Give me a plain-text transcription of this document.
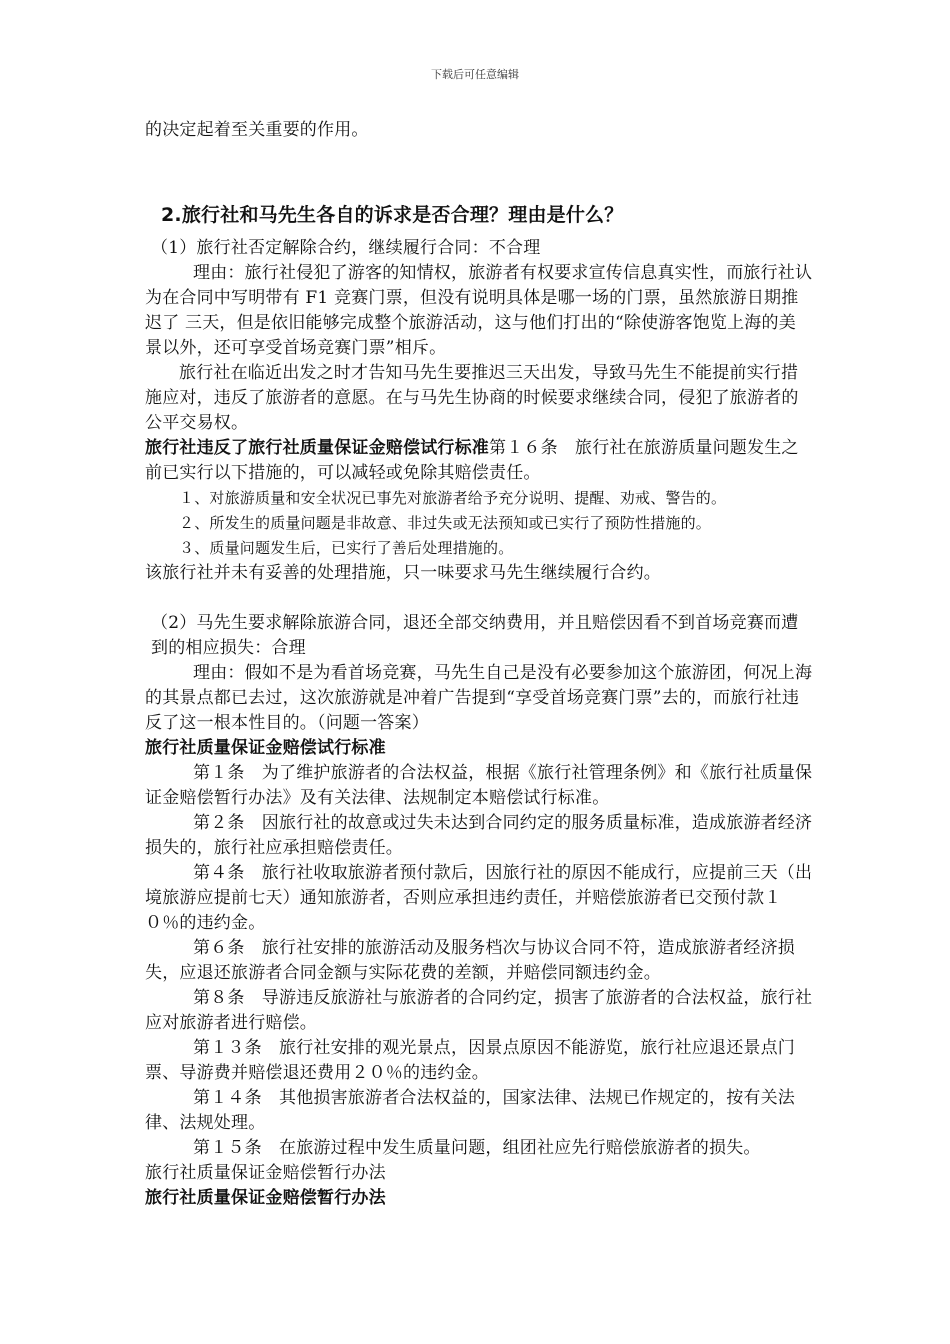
下载后可任意编辑

的决定起着至关重要的作用。

2.旅行社和马先生各自的诉求是否合理？理由是什么？

（1）旅行社否定解除合约，继续履行合同：不合理

理由：旅行社侵犯了游客的知情权，旅游者有权要求宣传信息真实性，而旅行社认为在合同中写明带有 F1 竞赛门票，但没有说明具体是哪一场的门票，虽然旅游日期推迟了 三天，但是依旧能够完成整个旅游活动，这与他们打出的“除使游客饱览上海的美景以外，还可享受首场竞赛门票”相斥。

旅行社在临近出发之时才告知马先生要推迟三天出发，导致马先生不能提前实行措施应对，违反了旅游者的意愿。在与马先生协商的时候要求继续合同，侵犯了旅游者的公平交易权。

旅行社违反了旅行社质量保证金赔偿试行标准第１６条　旅行社在旅游质量问题发生之前已实行以下措施的，可以减轻或免除其赔偿责任。

１、对旅游质量和安全状况已事先对旅游者给予充分说明、提醒、劝戒、警告的。

２、所发生的质量问题是非故意、非过失或无法预知或已实行了预防性措施的。

３、质量问题发生后，已实行了善后处理措施的。

该旅行社并未有妥善的处理措施，只一味要求马先生继续履行合约。

（2）马先生要求解除旅游合同，退还全部交纳费用，并且赔偿因看不到首场竞赛而遭到的相应损失：合理

理由：假如不是为看首场竞赛，马先生自己是没有必要参加这个旅游团，何况上海的其景点都已去过，这次旅游就是冲着广告提到“享受首场竞赛门票”去的，而旅行社违反了这一根本性目的。（问题一答案）

旅行社质量保证金赔偿试行标准

第１条　为了维护旅游者的合法权益，根据《旅行社管理条例》和《旅行社质量保证金赔偿暂行办法》及有关法律、法规制定本赔偿试行标准。

第２条　因旅行社的故意或过失未达到合同约定的服务质量标准，造成旅游者经济损失的，旅行社应承担赔偿责任。

第４条　旅行社收取旅游者预付款后，因旅行社的原因不能成行，应提前三天（出境旅游应提前七天）通知旅游者，否则应承担违约责任，并赔偿旅游者已交预付款１０％的违约金。

第６条　旅行社安排的旅游活动及服务档次与协议合同不符，造成旅游者经济损失，应退还旅游者合同金额与实际花费的差额，并赔偿同额违约金。

第８条　导游违反旅游社与旅游者的合同约定，损害了旅游者的合法权益，旅行社应对旅游者进行赔偿。

第１３条　旅行社安排的观光景点，因景点原因不能游览，旅行社应退还景点门票、导游费并赔偿退还费用２０％的违约金。

第１４条　其他损害旅游者合法权益的，国家法律、法规已作规定的，按有关法律、法规处理。

第１５条　在旅游过程中发生质量问题，组团社应先行赔偿旅游者的损失。

旅行社质量保证金赔偿暂行办法

旅行社质量保证金赔偿暂行办法
